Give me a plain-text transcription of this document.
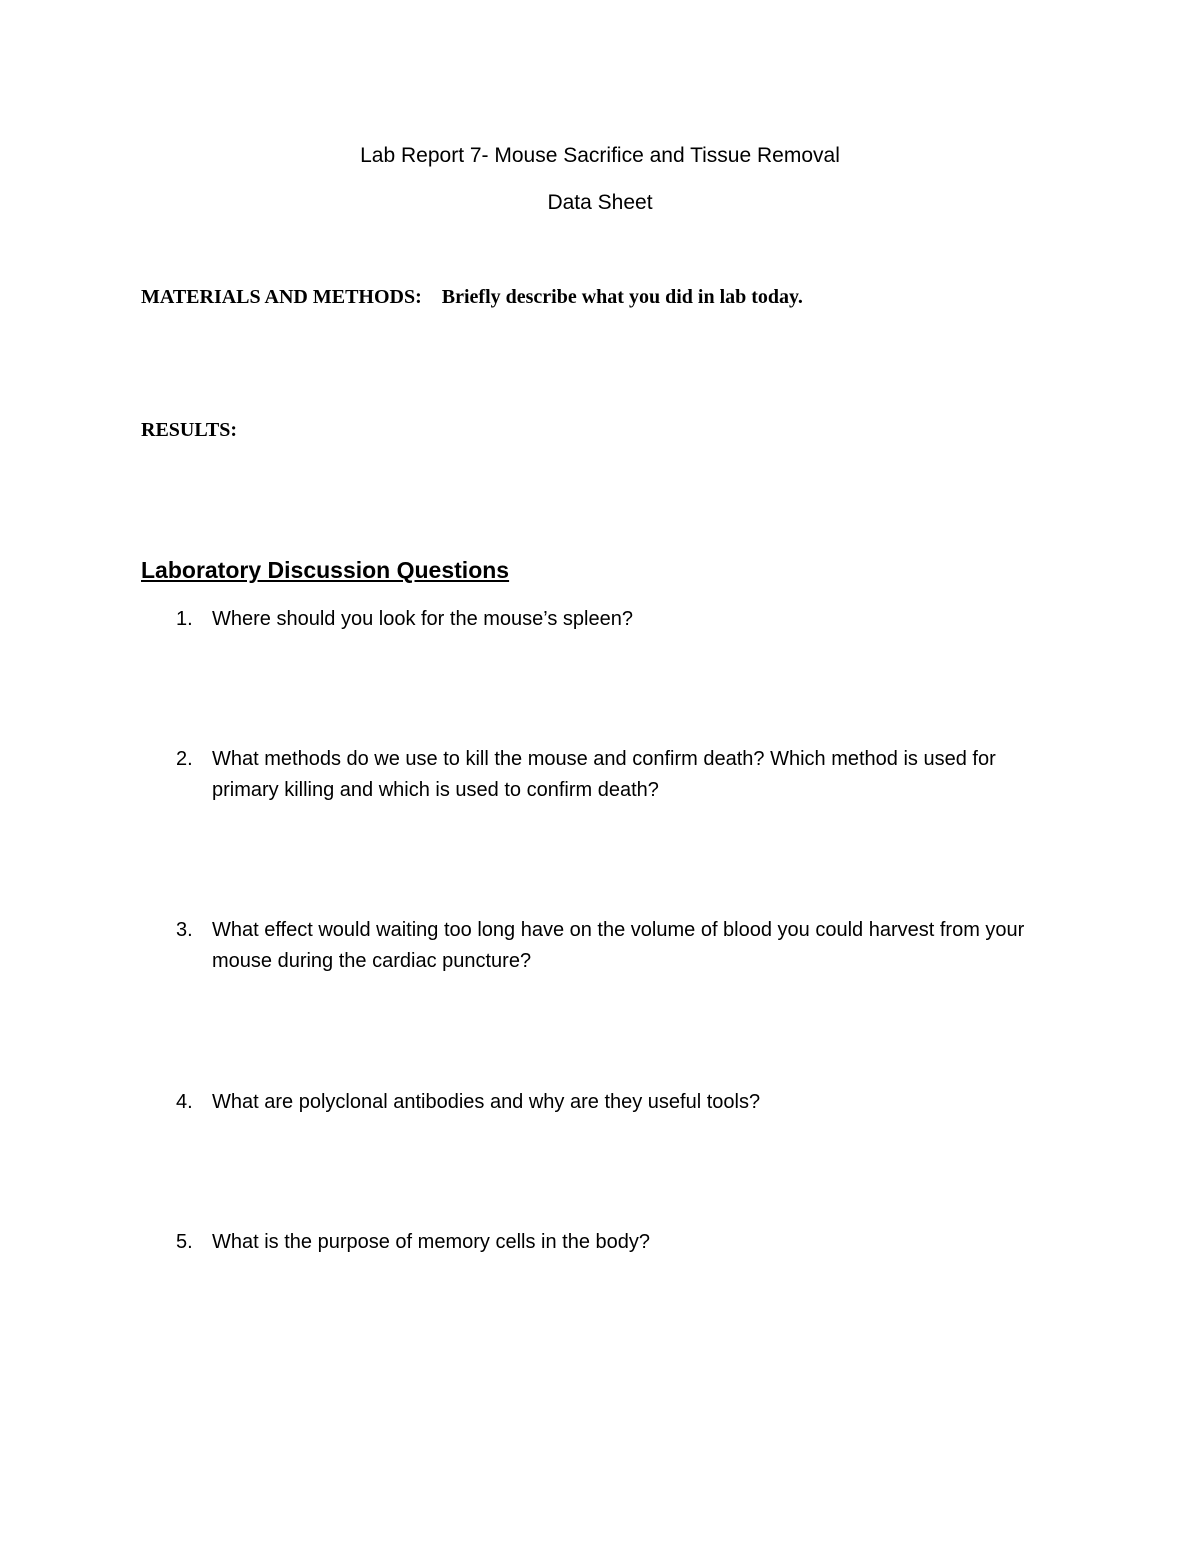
Lab Report 7- Mouse Sacrifice and Tissue Removal
Data Sheet
MATERIALS AND METHODS: Briefly describe what you did in lab today.
RESULTS:
Laboratory Discussion Questions
1. Where should you look for the mouse’s spleen?
2. What methods do we use to kill the mouse and confirm death? Which method is used for primary killing and which is used to confirm death?
3. What effect would waiting too long have on the volume of blood you could harvest from your mouse during the cardiac puncture?
4. What are polyclonal antibodies and why are they useful tools?
5. What is the purpose of memory cells in the body?
